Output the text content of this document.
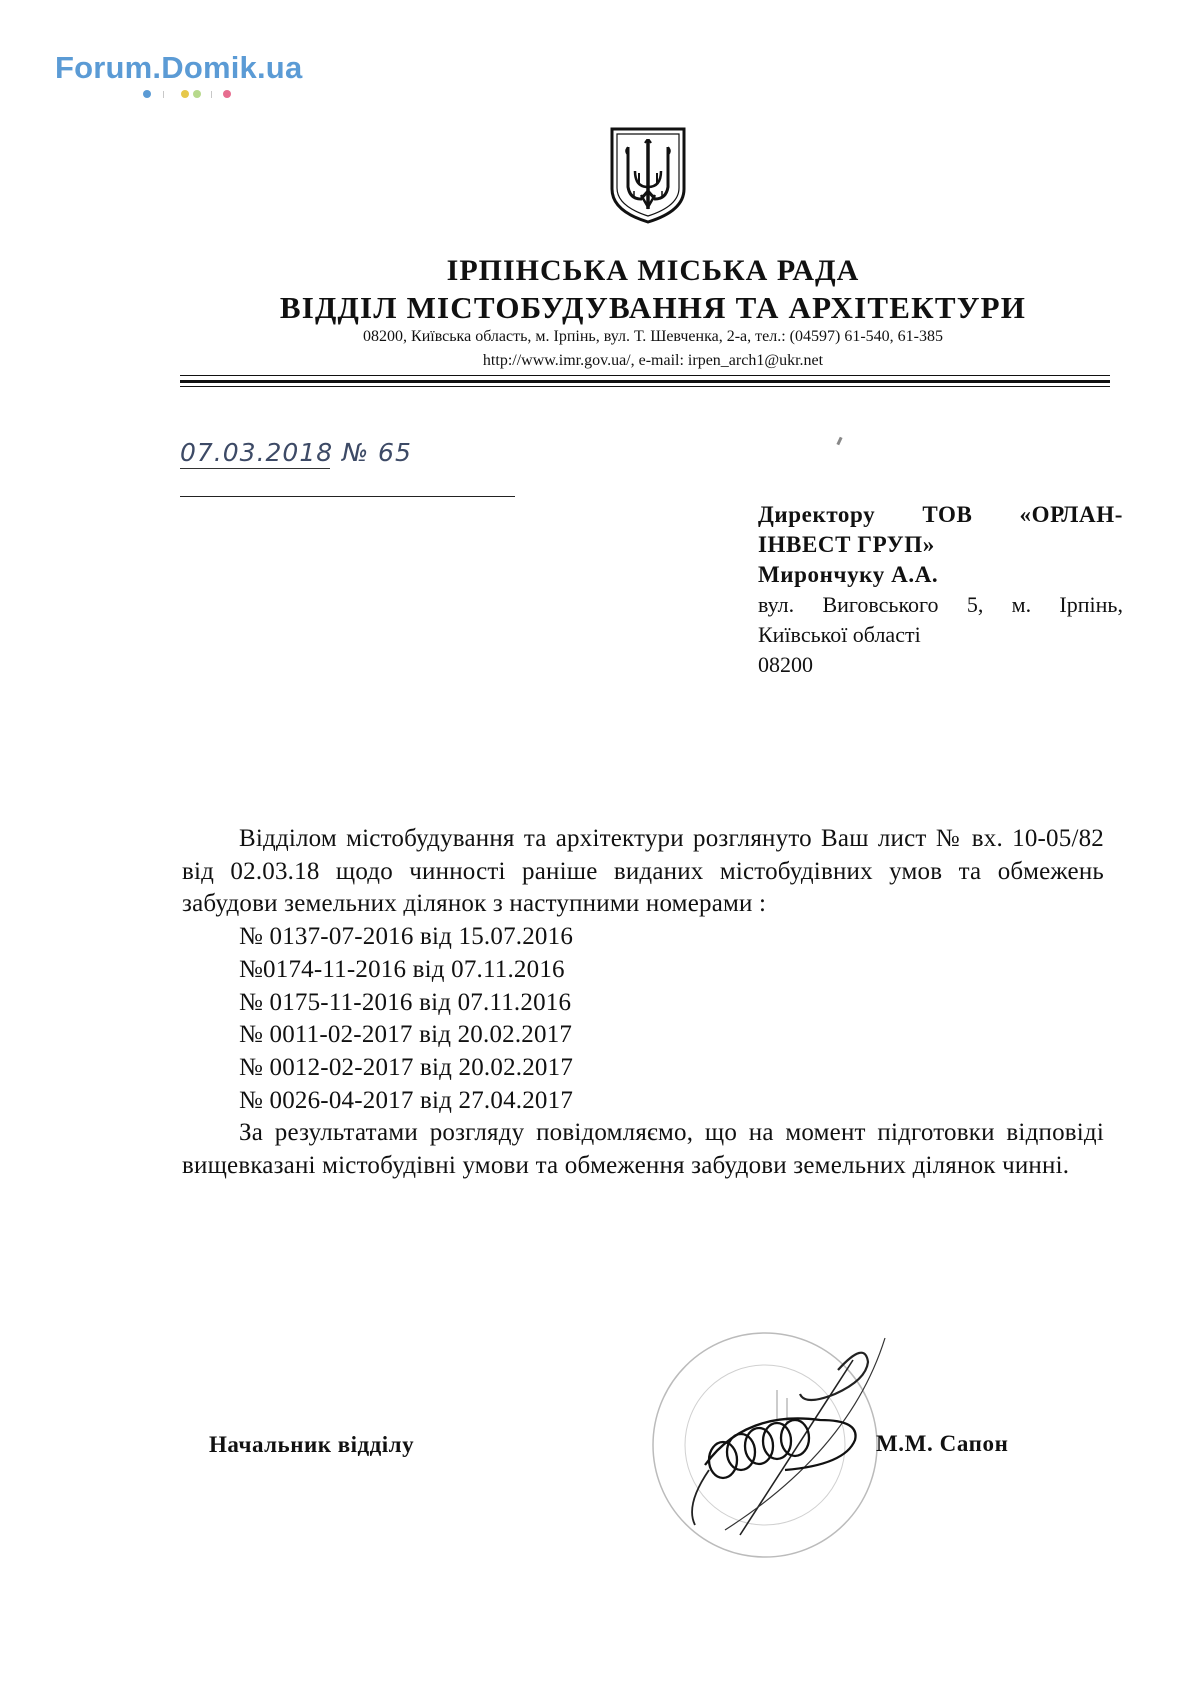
Forum.Domik.ua
ІРПІНСЬКА МІСЬКА РАДА
ВІДДІЛ МІСТОБУДУВАННЯ ТА АРХІТЕКТУРИ
08200, Київська область, м. Ірпінь, вул. Т. Шевченка, 2-а, тел.: (04597) 61-540, 61-385
http://www.imr.gov.ua/, e-mail: irpen_arch1@ukr.net
07.03.2018 № 65
Директору ТОВ «ОРЛАН-
ІНВЕСТ ГРУП»
Мирончуку А.А.
вул. Виговського 5, м. Ірпінь,
Київської області
08200
Відділом містобудування та архітектури розглянуто Ваш лист № вх. 10-05/82 від 02.03.18 щодо чинності раніше виданих містобудівних умов та обмежень забудови земельних ділянок з наступними номерами :
№ 0137-07-2016 від 15.07.2016
№0174-11-2016 від 07.11.2016
№ 0175-11-2016 від 07.11.2016
№ 0011-02-2017 від 20.02.2017
№ 0012-02-2017 від 20.02.2017
№ 0026-04-2017 від 27.04.2017
За результатами розгляду повідомляємо, що на момент підготовки відповіді вищевказані містобудівні умови та обмеження забудови земельних ділянок чинні.
Начальник відділу	М.М. Сапон
